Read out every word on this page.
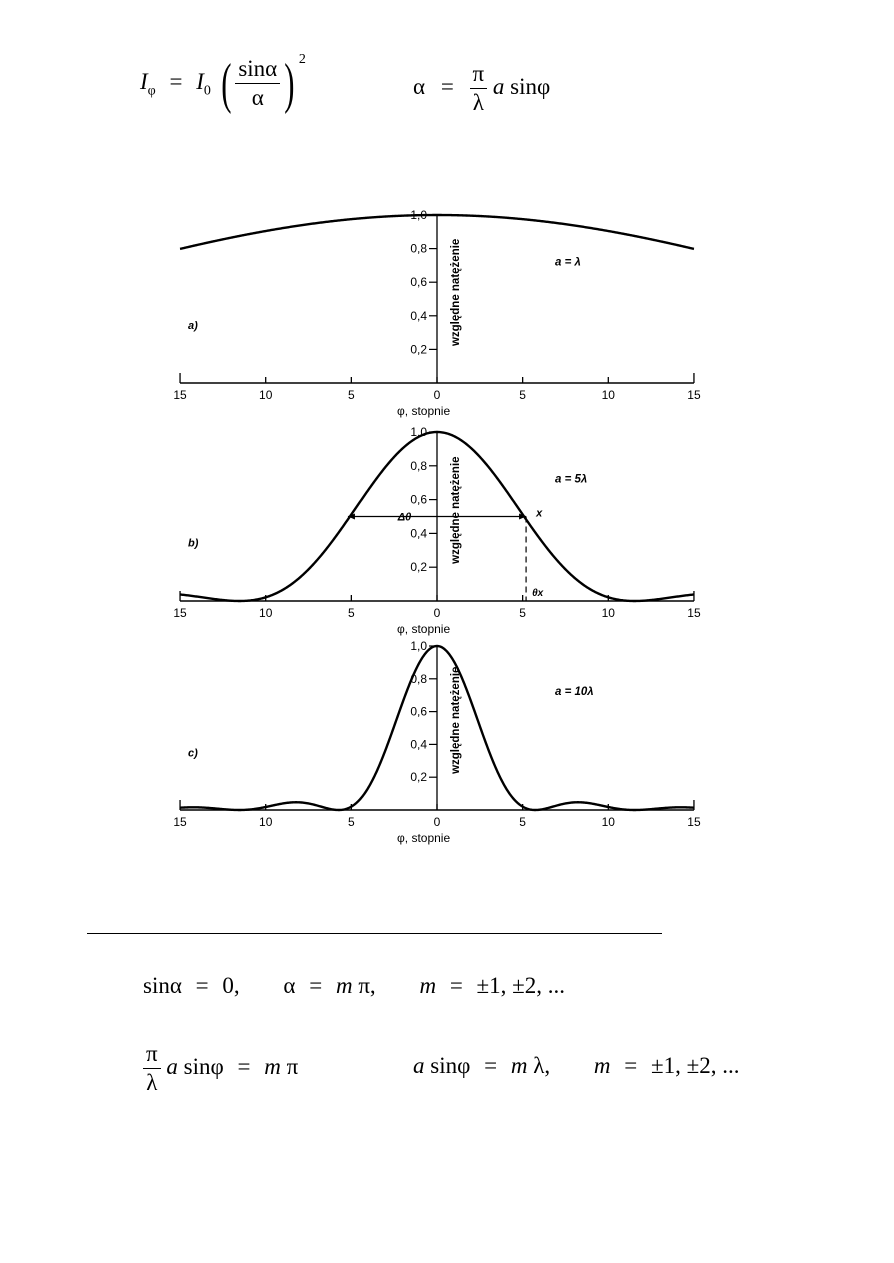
$I_\varphi = I_0$ ( $\frac{\sin\alpha}{\alpha}$ ) $^2$
$\alpha = \frac{\pi}{\lambda}$ a sinφ
15	10	5	0	5	10	15
φ, stopnie
0,2
0,4
0,6
0,8
1,0
względne natężenie
a)
a = λ
15	10	5	0	5	10	15
φ, stopnie
0,2
0,4
0,6
0,8
1,0
względne natężenie
b)
a = 5λ
Δθ	x
θx
15	10	5	0	5	10	15
φ, stopnie
0,2
0,4
0,6
0,8
1,0
względne natężenie
c)
a = 10λ
sinα = 0, α = m π, m = ±1, ±2, ...
$\frac{\pi}{\lambda}$ a sinφ = m π	a sinφ = m λ, m = ±1, ±2, ...
